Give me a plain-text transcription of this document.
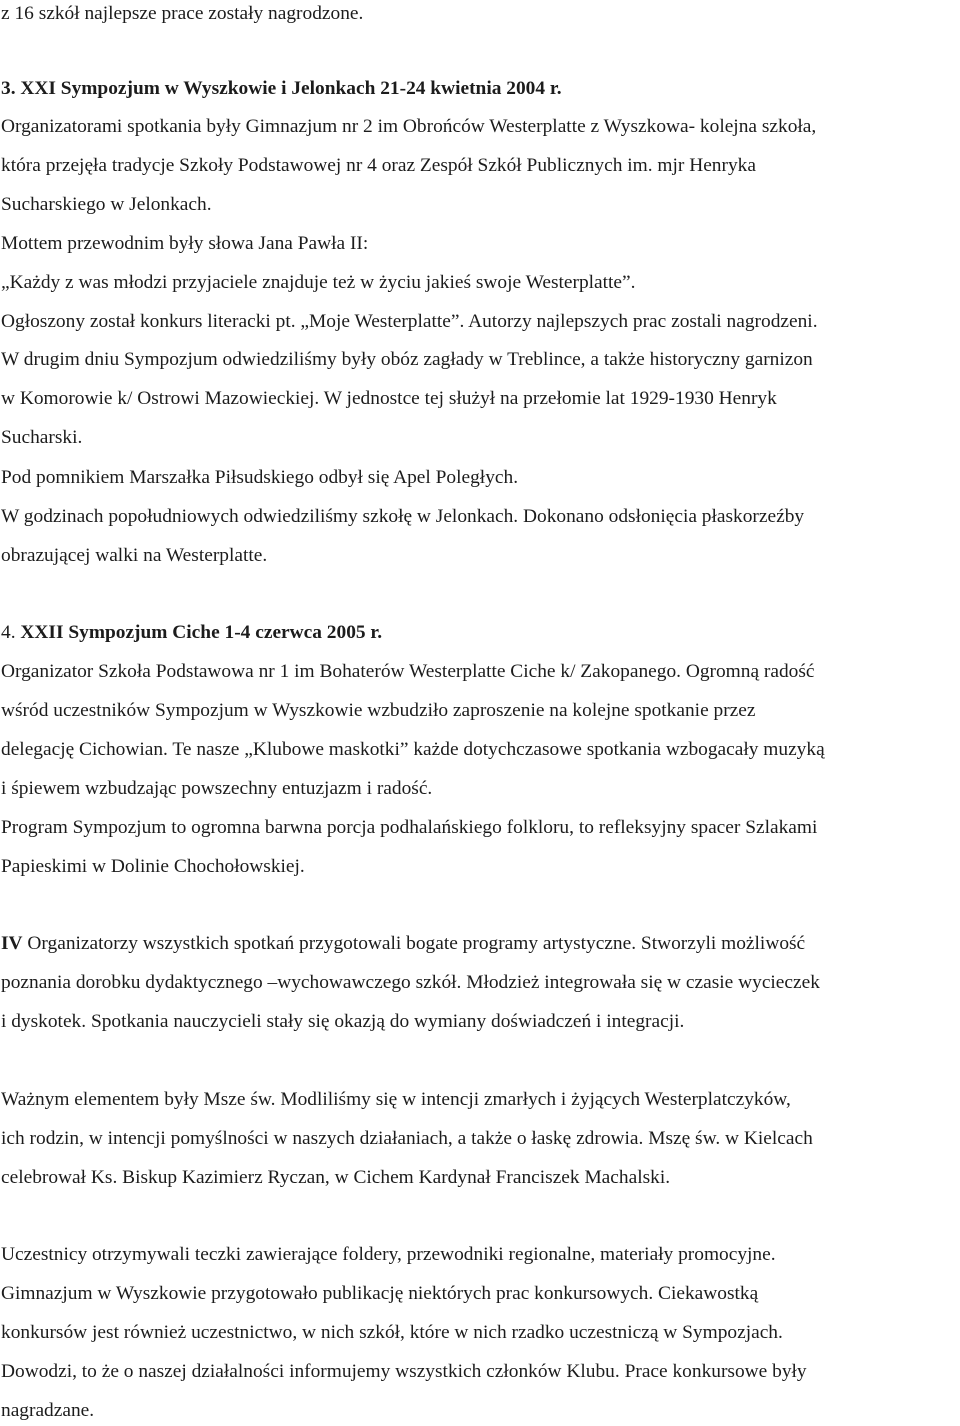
z 16 szkół najlepsze prace zostały nagrodzone.
3. XXI Sympozjum w Wyszkowie i Jelonkach 21-24 kwietnia 2004 r.
Organizatorami spotkania były Gimnazjum nr 2 im Obrońców Westerplatte z Wyszkowa- kolejna szkoła,
która przejęła tradycje Szkoły Podstawowej nr 4 oraz Zespół Szkół Publicznych im. mjr Henryka
Sucharskiego w Jelonkach.
Mottem przewodnim były słowa Jana Pawła II:
„Każdy z was młodzi przyjaciele znajduje też w życiu jakieś swoje Westerplatte”.
Ogłoszony został konkurs literacki pt. „Moje Westerplatte”. Autorzy najlepszych prac zostali nagrodzeni.
W drugim dniu Sympozjum odwiedziliśmy były obóz zagłady w Treblince, a także historyczny garnizon
w Komorowie k/ Ostrowi Mazowieckiej. W jednostce tej służył na przełomie lat 1929-1930 Henryk
Sucharski.
Pod pomnikiem Marszałka Piłsudskiego odbył się Apel Poległych.
W godzinach popołudniowych odwiedziliśmy szkołę w Jelonkach. Dokonano odsłonięcia płaskorzeźby
obrazującej walki na Westerplatte.
4. XXII Sympozjum Ciche 1-4 czerwca 2005 r.
Organizator Szkoła Podstawowa nr 1 im Bohaterów Westerplatte Ciche k/ Zakopanego. Ogromną radość
wśród uczestników Sympozjum w Wyszkowie wzbudziło zaproszenie na kolejne spotkanie przez
delegację Cichowian. Te nasze „Klubowe maskotki” każde dotychczasowe spotkania wzbogacały muzyką
i śpiewem wzbudzając powszechny entuzjazm i radość.
Program Sympozjum to ogromna barwna porcja podhalańskiego folkloru, to refleksyjny spacer Szlakami
Papieskimi w Dolinie Chochołowskiej.
IV Organizatorzy wszystkich spotkań przygotowali bogate programy artystyczne. Stworzyli możliwość
poznania dorobku dydaktycznego –wychowawczego szkół. Młodzież integrowała się w czasie wycieczek
i dyskotek. Spotkania nauczycieli stały się okazją do wymiany doświadczeń i integracji.
Ważnym elementem były Msze św. Modliliśmy się w intencji zmarłych i żyjących Westerplatczyków,
ich rodzin, w intencji pomyślności w naszych działaniach, a także o łaskę zdrowia. Mszę św. w Kielcach
celebrował Ks. Biskup Kazimierz Ryczan, w Cichem Kardynał Franciszek Machalski.
Uczestnicy otrzymywali teczki zawierające foldery, przewodniki regionalne, materiały promocyjne.
Gimnazjum w Wyszkowie przygotowało publikację niektórych prac konkursowych. Ciekawostką
konkursów jest również uczestnictwo, w nich szkół, które w nich rzadko uczestniczą w Sympozjach.
Dowodzi, to że o naszej działalności informujemy wszystkich członków Klubu. Prace konkursowe były
nagradzane.
